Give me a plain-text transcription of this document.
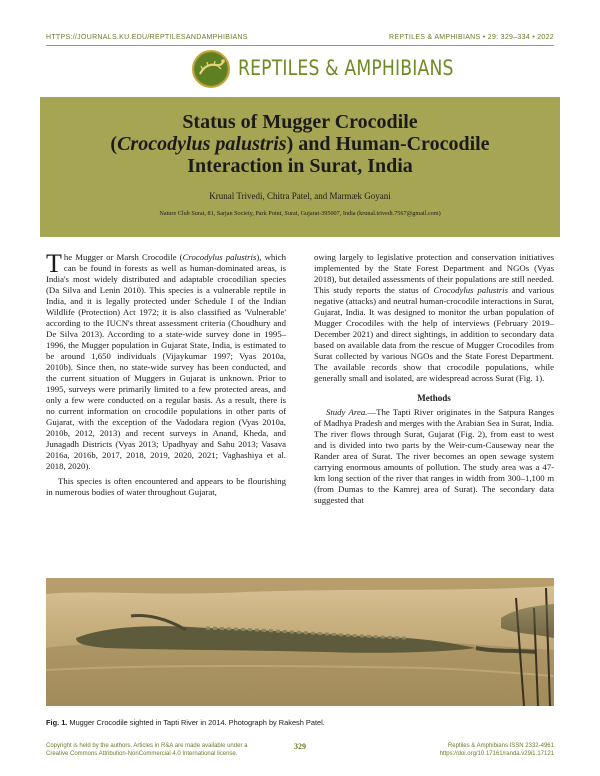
HTTPS://JOURNALS.KU.EDU/REPTILESANDAMPHIBIANS	REPTILES & AMPHIBIANS • 29: 329–334 • 2022
REPTILES & AMPHIBIANS
Status of Mugger Crocodile
(Crocodylus palustris) and Human-Crocodile
Interaction in Surat, India
Krunal Trivedi, Chitra Patel, and Marmæk Goyani
Nature Club Surat, 81, Sarjan Society, Park Point, Surat, Gujarat-395007, India (krunal.trivedi.7567@gmail.com)

The Mugger or Marsh Crocodile (Crocodylus palustris), which can be found in forests as well as human-dominated areas, is India's most widely distributed and adaptable crocodilian species (Da Silva and Lenin 2010). This species is a vulnerable reptile in India, and it is legally protected under Schedule I of the Indian Wildlife (Protection) Act 1972; it is also classified as 'Vulnerable' according to the IUCN's threat assessment criteria (Choudhury and De Silva 2013). According to a state-wide survey done in 1995–1996, the Mugger population in Gujarat State, India, is estimated to be around 1,650 individuals (Vijaykumar 1997; Vyas 2010a, 2010b). Since then, no state-wide survey has been conducted, and the current situation of Muggers in Gujarat is unknown. Prior to 1995, surveys were primarily limited to a few protected areas, and only a few were conducted on a regular basis. As a result, there is no current information on crocodile populations in other parts of Gujarat, with the exception of the Vadodara region (Vyas 2010a, 2010b, 2012, 2013) and recent surveys in Anand, Kheda, and Junagadh Districts (Vyas 2013; Upadhyay and Sahu 2013; Vasava 2016a, 2016b, 2017, 2018, 2019, 2020, 2021; Vaghashiya et al. 2018, 2020).

This species is often encountered and appears to be flourishing in numerous bodies of water throughout Gujarat,

owing largely to legislative protection and conservation initiatives implemented by the State Forest Department and NGOs (Vyas 2018), but detailed assessments of their populations are still needed. This study reports the status of Crocodylus palustris and various negative (attacks) and neutral human-crocodile interactions in Surat, Gujarat, India. It was designed to monitor the urban population of Mugger Crocodiles with the help of interviews (February 2019–December 2021) and direct sightings, in addition to secondary data based on available data from the rescue of Mugger Crocodiles from Surat collected by various NGOs and the State Forest Department. The available records show that crocodile populations, while generally small and isolated, are widespread across Surat (Fig. 1).

Methods

Study Area.—The Tapti River originates in the Satpura Ranges of Madhya Pradesh and merges with the Arabian Sea in Surat, India. The river flows through Surat, Gujarat (Fig. 2), from east to west and is divided into two parts by the Weir-cum-Causeway near the Rander area of Surat. The river becomes an open sewage system carrying enormous amounts of pollution. The study area was a 47-km long section of the river that ranges in width from 300–1,100 m (from Dumas to the Kamrej area of Surat). The secondary data suggested that

Fig. 1. Mugger Crocodile sighted in Tapti River in 2014. Photograph by Rakesh Patel.
Copyright is held by the authors. Articles in R&A are made available under a
Creative Commons Attribution-NonCommercial 4.0 International license.
329	Reptiles & Amphibians ISSN 2332-4961
https://doi.org/10.17161/randa.v29i1.17121
